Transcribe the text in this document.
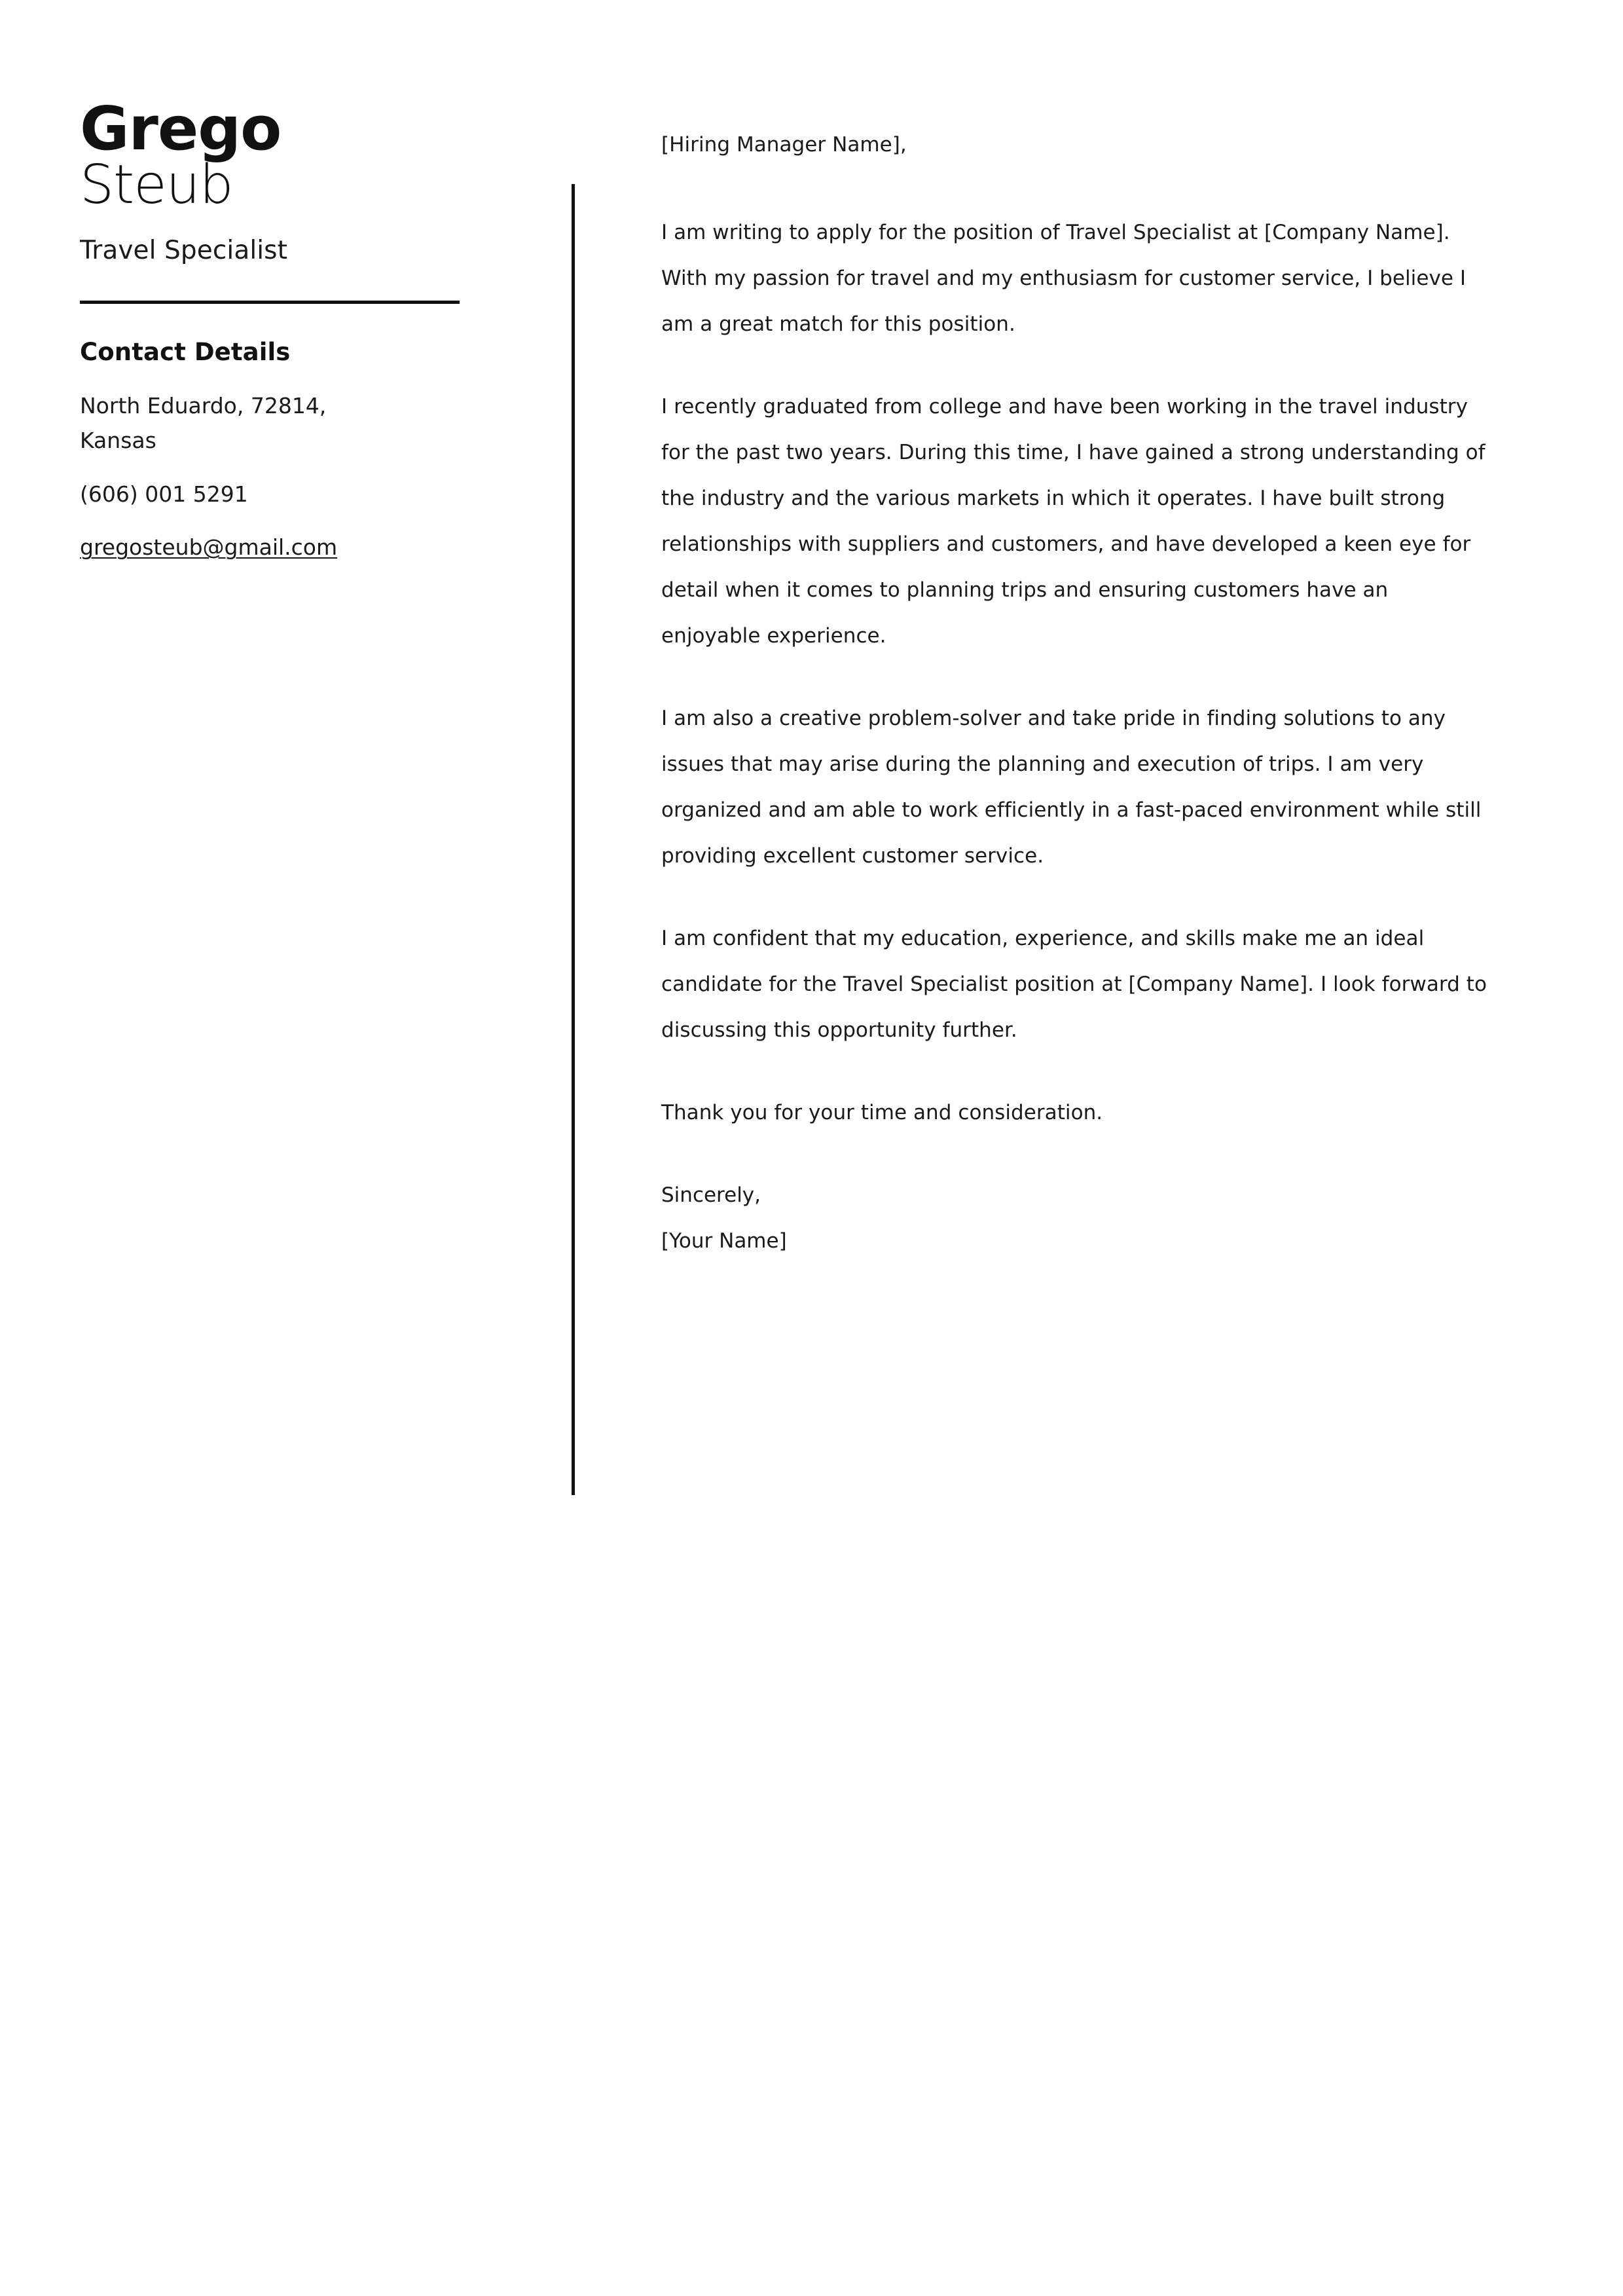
Grego
Steub
Travel Specialist
Contact Details
North Eduardo, 72814, Kansas
(606) 001 5291
gregosteub@gmail.com

[Hiring Manager Name],

I am writing to apply for the position of Travel Specialist at [Company Name]. With my passion for travel and my enthusiasm for customer service, I believe I am a great match for this position.

I recently graduated from college and have been working in the travel industry for the past two years. During this time, I have gained a strong understanding of the industry and the various markets in which it operates. I have built strong relationships with suppliers and customers, and have developed a keen eye for detail when it comes to planning trips and ensuring customers have an enjoyable experience.

I am also a creative problem-solver and take pride in finding solutions to any issues that may arise during the planning and execution of trips. I am very organized and am able to work efficiently in a fast-paced environment while still providing excellent customer service.

I am confident that my education, experience, and skills make me an ideal candidate for the Travel Specialist position at [Company Name]. I look forward to discussing this opportunity further.

Thank you for your time and consideration.

Sincerely,
[Your Name]
